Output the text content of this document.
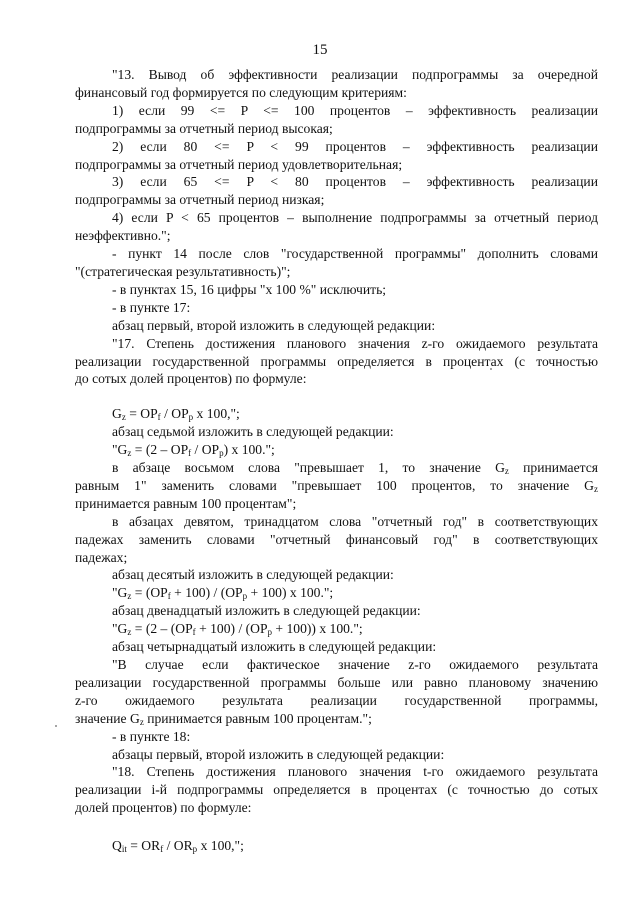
15

"13. Вывод об эффективности реализации подпрограммы за очередной

финансовый год формируется по следующим критериям:

1) если 99 <= P <= 100 процентов – эффективность реализации

подпрограммы за отчетный период высокая;

2) если 80 <= P < 99 процентов – эффективность реализации

подпрограммы за отчетный период удовлетворительная;

3) если 65 <= P < 80 процентов – эффективность реализации

подпрограммы за отчетный период низкая;

4) если P < 65 процентов – выполнение подпрограммы за отчетный период

неэффективно.";

- пункт 14 после слов "государственной программы" дополнить словами

"(стратегическая результативность)";

- в пунктах 15, 16 цифры "х 100 %" исключить;

- в пункте 17:

абзац первый, второй изложить в следующей редакции:

"17. Степень достижения планового значения z-го ожидаемого результата

реализации государственной программы определяется в процентах (с точностью

до сотых долей процентов) по формуле:

$G_z = OP_f / OP_p$ х 100,";

абзац седьмой изложить в следующей редакции:

"$G_z = (2 - OP_f / OP_p)$ х 100.";

в абзаце восьмом слова "превышает 1, то значение $G_z$ принимается

равным 1" заменить словами "превышает 100 процентов, то значение $G_z$

принимается равным 100 процентам";

в абзацах девятом, тринадцатом слова "отчетный год" в соответствующих

падежах заменить словами "отчетный финансовый год" в соответствующих

падежах;

абзац десятый изложить в следующей редакции:

"$G_z = (OP_f + 100) / (OP_p + 100)$ х 100.";

абзац двенадцатый изложить в следующей редакции:

"$G_z = (2 - (OP_f + 100) / (OP_p + 100))$ х 100.";

абзац четырнадцатый изложить в следующей редакции:

"В случае если фактическое значение z-го ожидаемого результата

реализации государственной программы больше или равно плановому значению

z-го ожидаемого результата реализации государственной программы,

значение $G_z$ принимается равным 100 процентам.";

- в пункте 18:

абзацы первый, второй изложить в следующей редакции:

"18. Степень достижения планового значения t-го ожидаемого результата

реализации i-й подпрограммы определяется в процентах (с точностью до сотых

долей процентов) по формуле:

$Q_{it} = OR_f / OR_p$ х 100,";
